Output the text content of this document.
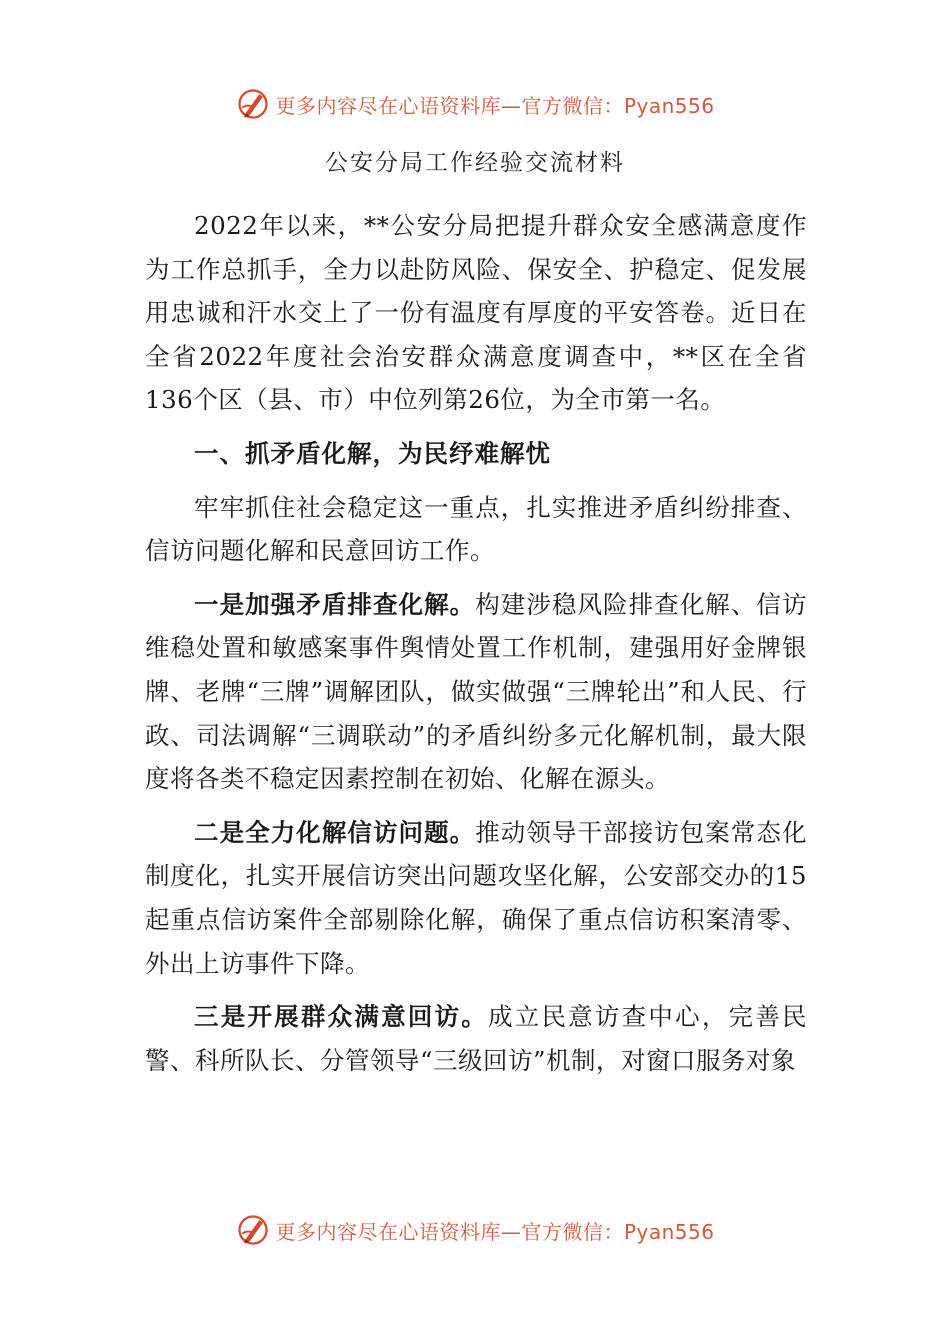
更多内容尽在心语资料库—官方微信：Pyan556
公安分局工作经验交流材料

2022年以来，**公安分局把提升群众安全感满意度作为工作总抓手，全力以赴防风险、保安全、护稳定、促发展用忠诚和汗水交上了一份有温度有厚度的平安答卷。近日在全省2022年度社会治安群众满意度调查中，**区在全省136个区（县、市）中位列第26位，为全市第一名。

一、抓矛盾化解，为民纾难解忧

牢牢抓住社会稳定这一重点，扎实推进矛盾纠纷排查、信访问题化解和民意回访工作。

一是加强矛盾排查化解。构建涉稳风险排查化解、信访维稳处置和敏感案事件舆情处置工作机制，建强用好金牌银牌、老牌“三牌”调解团队，做实做强“三牌轮出”和人民、行政、司法调解“三调联动”的矛盾纠纷多元化解机制，最大限度将各类不稳定因素控制在初始、化解在源头。

二是全力化解信访问题。推动领导干部接访包案常态化制度化，扎实开展信访突出问题攻坚化解，公安部交办的15起重点信访案件全部剔除化解，确保了重点信访积案清零、外出上访事件下降。

三是开展群众满意回访。成立民意访查中心，完善民警、科所队长、分管领导“三级回访”机制，对窗口服务对象

更多内容尽在心语资料库—官方微信：Pyan556
